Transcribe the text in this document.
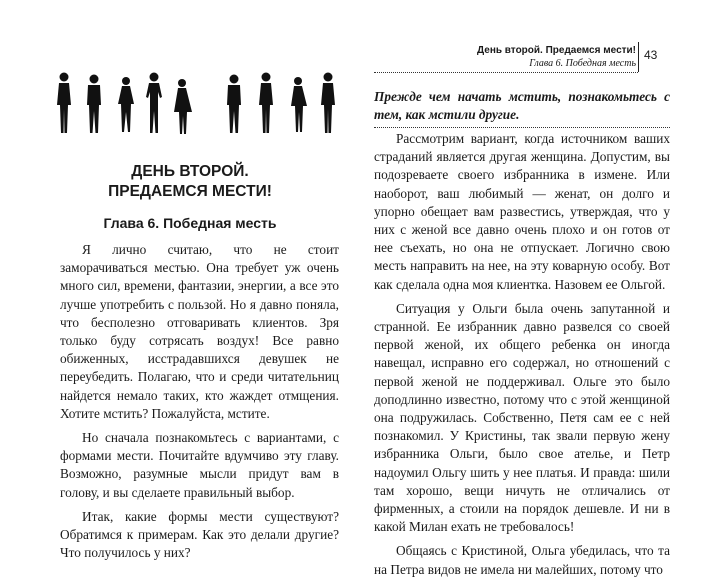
ДЕНЬ ВТОРОЙ.
ПРЕДАЕМСЯ МЕСТИ!
Глава 6. Победная месть

Я лично считаю, что не стоит заморачиваться местью. Она требует уж очень много сил, времени, фантазии, энергии, а все это лучше употребить с пользой. Но я давно поняла, что бесполезно отговаривать клиентов. Зря только буду сотрясать воздух! Все равно обиженных, исстрадавшихся девушек не переубедить. Полагаю, что и среди читательниц найдется немало таких, кто жаждет отмщения. Хотите мстить? Пожалуйста, мстите.

Но сначала познакомьтесь с вариантами, с формами мести. Почитайте вдумчиво эту главу. Возможно, разумные мысли придут вам в голову, и вы сделаете правильный выбор.

Итак, какие формы мести существуют? Обратимся к примерам. Как это делали другие? Что получилось у них?

День второй. Предаемся мести!
Глава 6. Победная месть
43

Прежде чем начать мстить, познакомьтесь с тем, как мстили другие.

Рассмотрим вариант, когда источником ваших страданий является другая женщина. Допустим, вы подозреваете своего избранника в измене. Или наоборот, ваш любимый — женат, он долго и упорно обещает вам развестись, утверждая, что у них с женой все давно очень плохо и он готов от нее съехать, но она не отпускает. Логично свою месть направить на нее, на эту коварную особу. Вот как сделала одна моя клиентка. Назовем ее Ольгой.

Ситуация у Ольги была очень запутанной и странной. Ее избранник давно развелся со своей первой женой, их общего ребенка он иногда навещал, исправно его содержал, но отношений с первой женой не поддерживал. Ольге это было доподлинно известно, потому что с этой женщиной она подружилась. Собственно, Петя сам ее с ней познакомил. У Кристины, так звали первую жену избранника Ольги, было свое ателье, и Петр надоумил Ольгу шить у нее платья. И правда: шили там хорошо, вещи ничуть не отличались от фирменных, а стоили на порядок дешевле. И ни в какой Милан ехать не требовалось!

Общаясь с Кристиной, Ольга убедилась, что та на Петра видов не имела ни малейших, потому что
